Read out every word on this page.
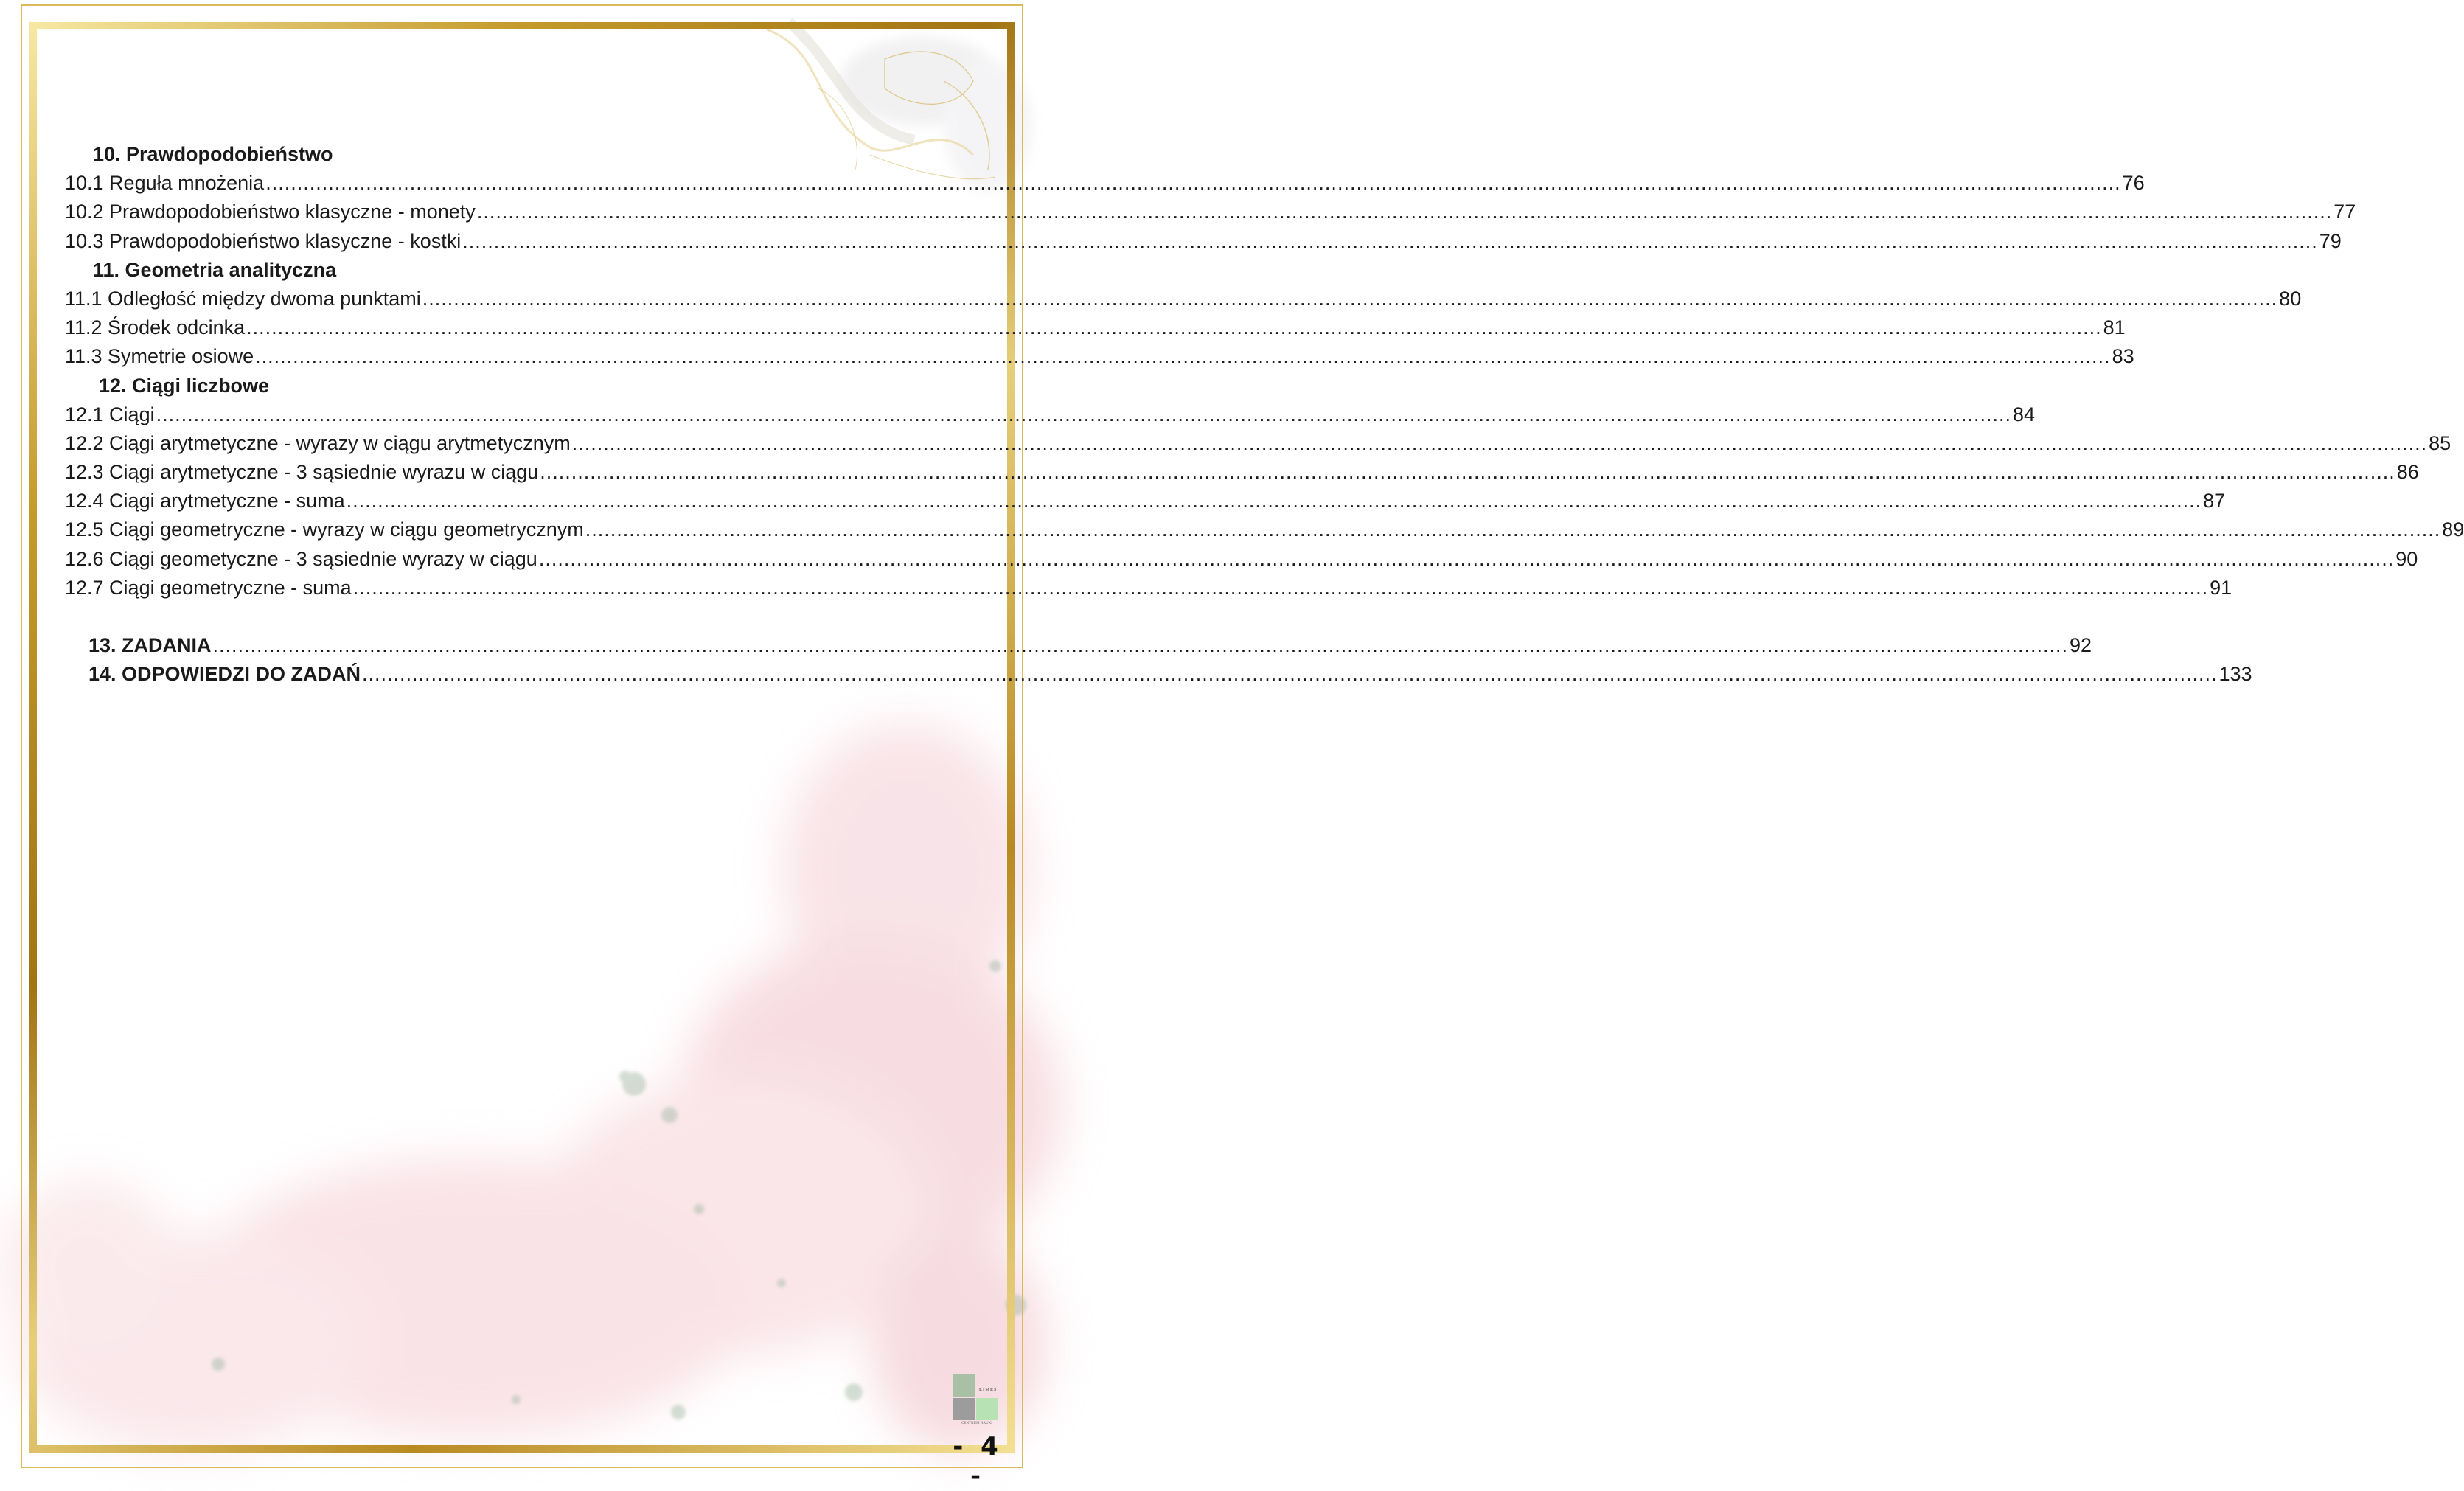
10. Prawdopodobieństwo
10.1 Reguła mnożenia .....	76
10.2 Prawdopodobieństwo klasyczne - monety .....	77
10.3 Prawdopodobieństwo klasyczne - kostki .....	79
11. Geometria analityczna
11.1 Odległość między dwoma punktami .....	80
11.2 Środek odcinka .....	81
11.3 Symetrie osiowe .....	83
12. Ciągi liczbowe
12.1 Ciągi .....	84
12.2 Ciągi arytmetyczne - wyrazy w ciągu arytmetycznym .....	85
12.3 Ciągi arytmetyczne - 3 sąsiednie wyrazu w ciągu .....	86
12.4 Ciągi arytmetyczne - suma .....	87
12.5 Ciągi geometryczne - wyrazy w ciągu geometrycznym .....	89
12.6 Ciągi geometyczne - 3 sąsiednie wyrazy w ciągu .....	90
12.7 Ciągi geometryczne - suma .....	91
13. ZADANIA .....	92
14. ODPOWIEDZI DO ZADAŃ .....	133
LIMES
CENTRUM NAUKI
- 4 -
